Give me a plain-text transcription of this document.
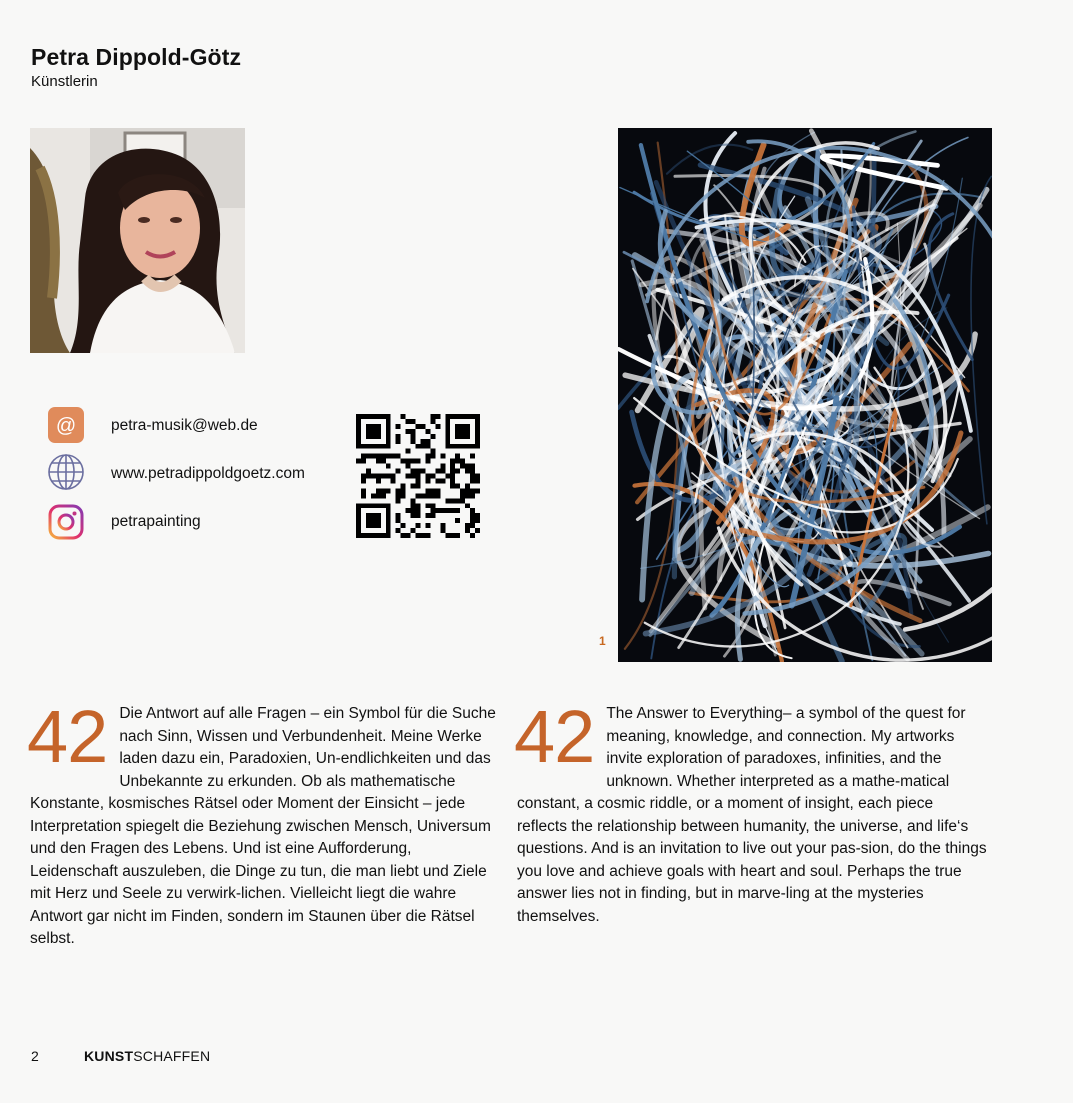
Petra Dippold-Götz
Künstlerin
@ petra-musik@web.de
www.petradippoldgoetz.com
petrapainting
1
42 Die Antwort auf alle Fragen – ein Symbol für die Suche nach Sinn, Wissen und Verbundenheit. Meine Werke laden dazu ein, Paradoxien, Un-endlichkeiten und das Unbekannte zu erkunden. Ob als mathematische Konstante, kosmisches Rätsel oder Moment der Einsicht – jede Interpretation spiegelt die Beziehung zwischen Mensch, Universum und den Fragen des Lebens. Und ist eine Aufforderung, Leidenschaft auszuleben, die Dinge zu tun, die man liebt und Ziele mit Herz und Seele zu verwirk-lichen. Vielleicht liegt die wahre Antwort gar nicht im Finden, sondern im Staunen über die Rätsel selbst.
42 The Answer to Everything– a symbol of the quest for meaning, knowledge, and connection. My artworks invite exploration of paradoxes, infinities, and the unknown. Whether interpreted as a mathe-matical constant, a cosmic riddle, or a moment of insight, each piece reflects the relationship between humanity, the universe, and life‘s questions. And is an invitation to live out your pas-sion, do the things you love and achieve goals with heart and soul. Perhaps the true answer lies not in finding, but in marve-ling at the mysteries themselves.
2	KUNSTSCHAFFEN
